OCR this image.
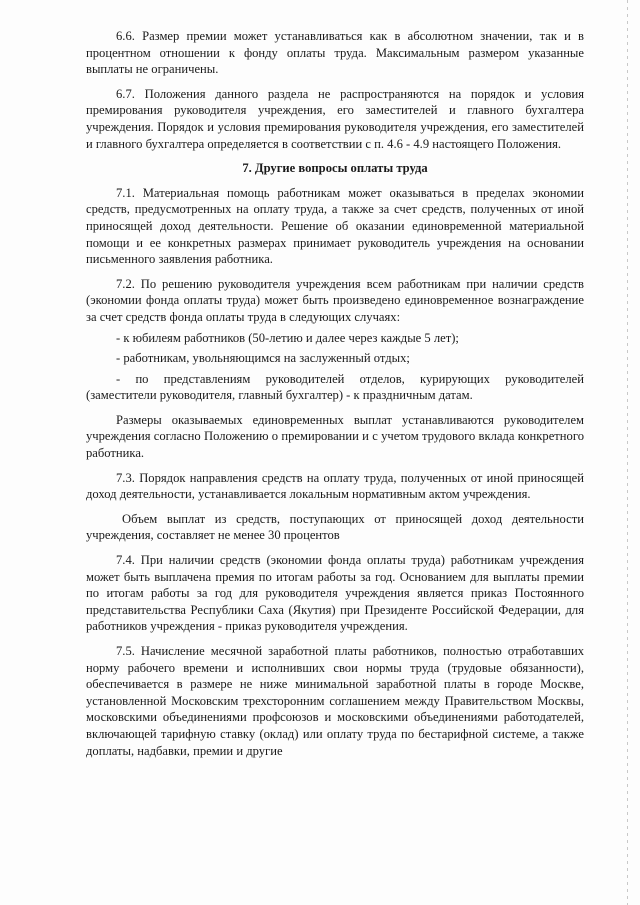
6.6. Размер премии может устанавливаться как в абсолютном значении, так и в процентном отношении к фонду оплаты труда. Максимальным размером указанные выплаты не ограничены.

6.7. Положения данного раздела не распространяются на порядок и условия премирования руководителя учреждения, его заместителей и главного бухгалтера учреждения. Порядок и условия премирования руководителя учреждения, его заместителей и главного бухгалтера определяется в соответствии с п. 4.6 - 4.9 настоящего Положения.

7. Другие вопросы оплаты труда

7.1. Материальная помощь работникам может оказываться в пределах экономии средств, предусмотренных на оплату труда, а также за счет средств, полученных от иной приносящей доход деятельности. Решение об оказании единовременной материальной помощи и ее конкретных размерах принимает руководитель учреждения на основании письменного заявления работника.

7.2. По решению руководителя учреждения всем работникам при наличии средств (экономии фонда оплаты труда) может быть произведено единовременное вознаграждение за счет средств фонда оплаты труда в следующих случаях:

- к юбилеям работников (50-летию и далее через каждые 5 лет);

- работникам, увольняющимся на заслуженный отдых;

- по представлениям руководителей отделов, курирующих руководителей (заместители руководителя, главный бухгалтер) - к праздничным датам.

Размеры оказываемых единовременных выплат устанавливаются руководителем учреждения согласно Положению о премировании и с учетом трудового вклада конкретного работника.

7.3. Порядок направления средств на оплату труда, полученных от иной приносящей доход деятельности, устанавливается локальным нормативным актом учреждения.

Объем выплат из средств, поступающих от приносящей доход деятельности учреждения, составляет не менее 30 процентов

7.4. При наличии средств (экономии фонда оплаты труда) работникам учреждения может быть выплачена премия по итогам работы за год. Основанием для выплаты премии по итогам работы за год для руководителя учреждения является приказ Постоянного представительства Республики Саха (Якутия) при Президенте Российской Федерации, для работников учреждения - приказ руководителя учреждения.

7.5. Начисление месячной заработной платы работников, полностью отработавших норму рабочего времени и исполнивших свои нормы труда (трудовые обязанности), обеспечивается в размере не ниже минимальной заработной платы в городе Москве, установленной Московским трехсторонним соглашением между Правительством Москвы, московскими объединениями профсоюзов и московскими объединениями работодателей, включающей тарифную ставку (оклад) или оплату труда по бестарифной системе, а также доплаты, надбавки, премии и другие
